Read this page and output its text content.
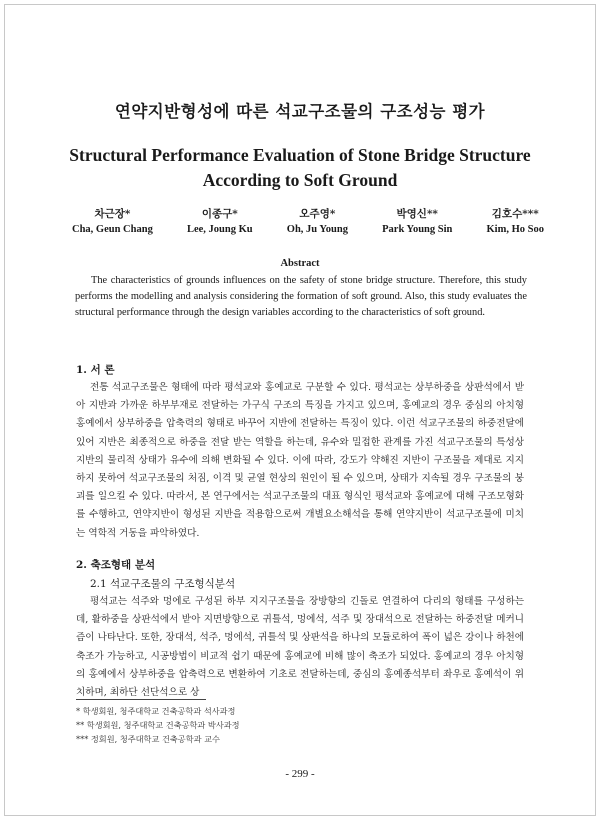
연약지반형성에 따른 석교구조물의 구조성능 평가
Structural Performance Evaluation of Stone Bridge Structure
According to Soft Ground
차근장*
Cha, Geun Chang
이종구*
Lee, Joung Ku
오주영*
Oh, Ju Young
박영신**
Park Young Sin
김호수***
Kim, Ho Soo
Abstract

The characteristics of grounds influences on the safety of stone bridge structure. Therefore, this study performs the modelling and analysis considering the formation of soft ground. Also, this study evaluates the structural performance through the design variables according to the characteristics of soft ground.

1. 서 론

전통 석교구조물은 형태에 따라 평석교와 홍예교로 구분할 수 있다. 평석교는 상부하중을 상판석에서 받아 지반과 가까운 하부부재로 전달하는 가구식 구조의 특징을 가지고 있으며, 홍예교의 경우 중심의 아치형 홍예에서 상부하중을 압축력의 형태로 바꾸어 지반에 전달하는 특징이 있다. 이런 석교구조물의 하중전달에 있어 지반은 최종적으로 하중을 전달 받는 역할을 하는데, 유수와 밀접한 관계를 가진 석교구조물의 특성상 지반의 물리적 상태가 유수에 의해 변화될 수 있다. 이에 따라, 강도가 약해진 지반이 구조물을 제대로 지지하지 못하여 석교구조물의 처짐, 이격 및 균열 현상의 원인이 될 수 있으며, 상태가 지속될 경우 구조물의 붕괴를 일으킬 수 있다. 따라서, 본 연구에서는 석교구조물의 대표 형식인 평석교와 홍예교에 대해 구조모형화를 수행하고, 연약지반이 형성된 지반을 적용함으로써 개별요소해석을 통해 연약지반이 석교구조물에 미치는 역학적 거동을 파악하였다.

2. 축조형태 분석
2.1 석교구조물의 구조형식분석

평석교는 석주와 멍에로 구성된 하부 지지구조물을 장방향의 긴돌로 연결하여 다리의 형태를 구성하는데, 활하중을 상판석에서 받아 지면방향으로 귀틀석, 멍에석, 석주 및 장대석으로 전달하는 하중전달 메커니즘이 나타난다. 또한, 장대석, 석주, 멍에석, 귀틀석 및 상판석을 하나의 모듈로하여 폭이 넓은 강이나 하천에 축조가 가능하고, 시공방법이 비교적 쉽기 때문에 홍예교에 비해 많이 축조가 되었다. 홍예교의 경우 아치형의 홍예에서 상부하중을 압축력으로 변환하여 기초로 전달하는데, 중심의 홍예종석부터 좌우로 홍예석이 위치하며, 최하단 선단석으로 상

* 학생회원, 청주대학교 건축공학과 석사과정
** 학생회원, 청주대학교 건축공학과 박사과정
*** 정회원, 청주대학교 건축공학과 교수
- 299 -
